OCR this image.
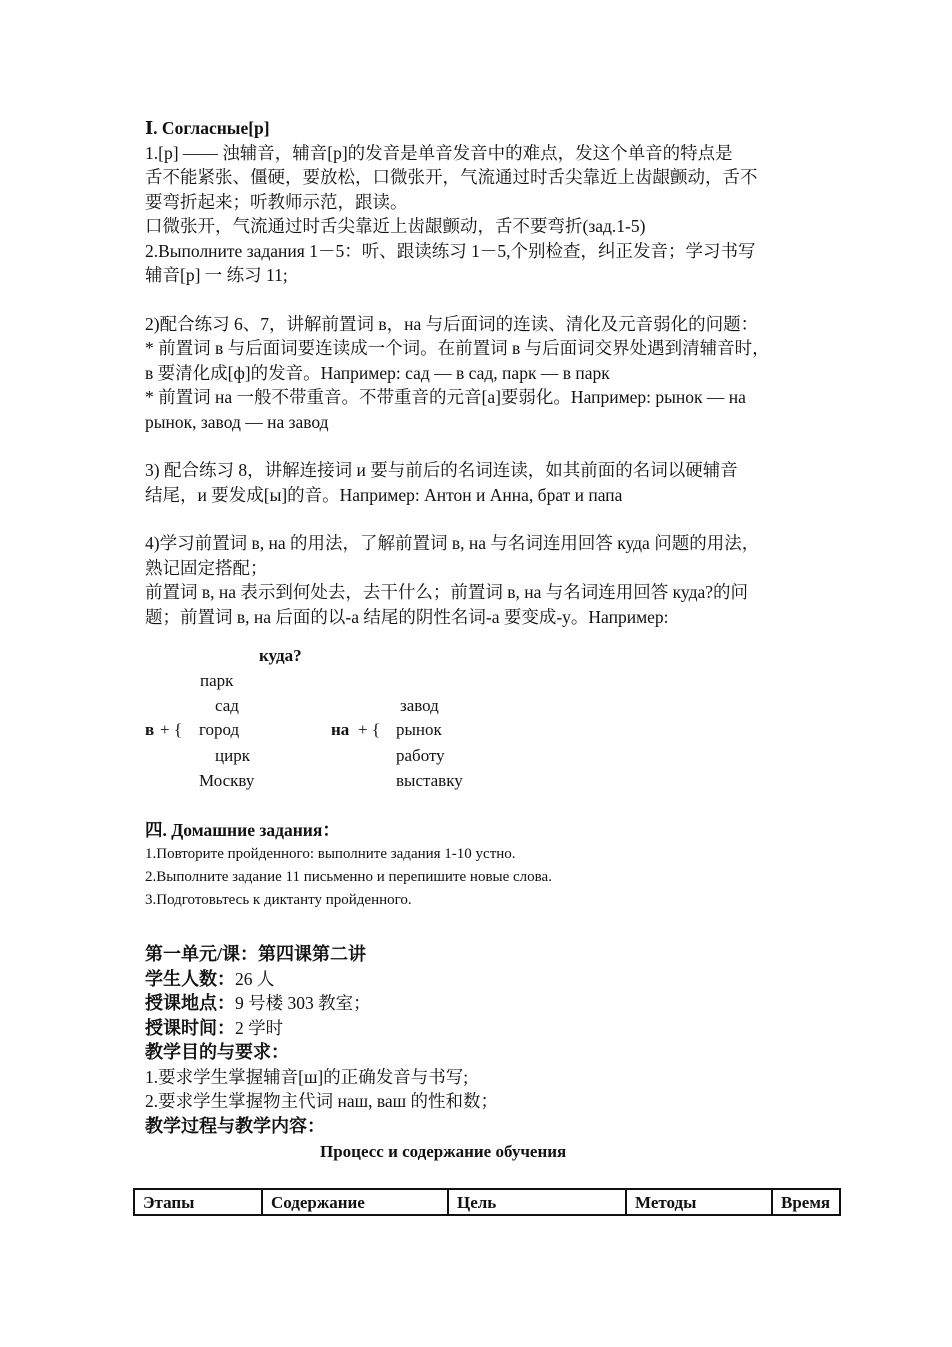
Ⅰ. Согласные[р]
1.[р] —— 浊辅音，辅音[р]的发音是单音发音中的难点，发这个单音的特点是
舌不能紧张、僵硬，要放松，口微张开，气流通过时舌尖靠近上齿龈颤动，舌不
要弯折起来；听教师示范，跟读。
口微张开，气流通过时舌尖靠近上齿龈颤动，舌不要弯折(зад.1-5)
2.Выполните задания 1－5：听、跟读练习 1－5,个别检查，纠正发音；学习书写
辅音[р] 一 练习 11;
2)配合练习 6、7，讲解前置词 в，на 与后面词的连读、清化及元音弱化的问题：
* 前置词 в 与后面词要连读成一个词。在前置词 в 与后面词交界处遇到清辅音时，
в 要清化成[ф]的发音。Например: сад — в сад, парк — в парк
* 前置词 на 一般不带重音。不带重音的元音[а]要弱化。Например: рынок — на
рынок, завод — на завод
3) 配合练习 8，讲解连接词 и 要与前后的名词连读，如其前面的名词以硬辅音
结尾，и 要发成[ы]的音。Например: Антон и Анна, брат и папа
4)学习前置词 в, на 的用法，了解前置词 в, на 与名词连用回答 куда 问题的用法，
熟记固定搭配；
前置词 в, на 表示到何处去，去干什么；前置词 в, на 与名词连用回答 куда?的问
题；前置词 в, на 后面的以-а 结尾的阴性名词-а 要变成-у。Например:
куда?
парк
сад
в + { город
цирк
Москву
завод
на + { рынок
работу
выставку
四. Домашние задания：
1.Повторите пройденного: выполните задания 1-10 устно.
2.Выполните задание 11 письменно и перепишите новые слова.
3.Подготовьтесь к диктанту пройденного.
第一单元/课：第四课第二讲
学生人数：26 人
授课地点：9 号楼 303 教室；
授课时间：2 学时
教学目的与要求：
1.要求学生掌握辅音[ш]的正确发音与书写;
2.要求学生掌握物主代词 наш, ваш 的性和数；
教学过程与教学内容：
Процесс и содержание обучения
Этапы	Содержание	Цель	Методы	Время
